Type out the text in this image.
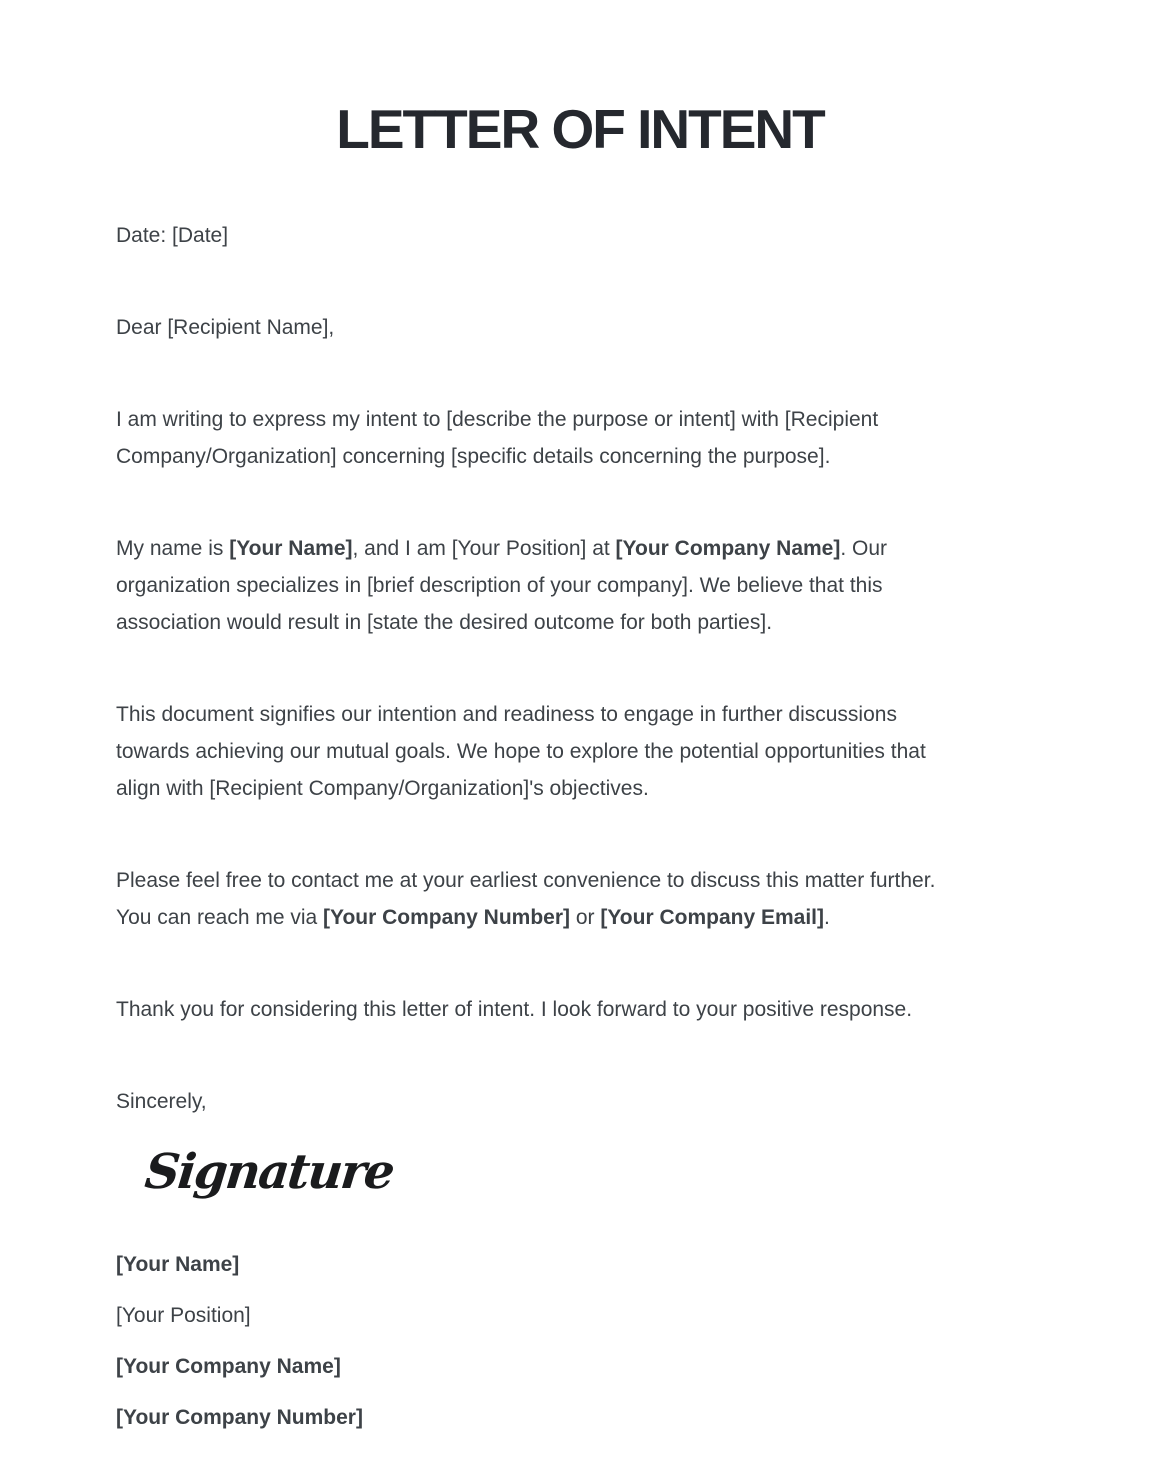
LETTER OF INTENT

Date: [Date]

Dear [Recipient Name],

I am writing to express my intent to [describe the purpose or intent] with [Recipient Company/Organization] concerning [specific details concerning the purpose].

My name is [Your Name], and I am [Your Position] at [Your Company Name]. Our organization specializes in [brief description of your company]. We believe that this association would result in [state the desired outcome for both parties].

This document signifies our intention and readiness to engage in further discussions towards achieving our mutual goals. We hope to explore the potential opportunities that align with [Recipient Company/Organization]'s objectives.

Please feel free to contact me at your earliest convenience to discuss this matter further. You can reach me via [Your Company Number] or [Your Company Email].

Thank you for considering this letter of intent. I look forward to your positive response.

Sincerely,

Signature

[Your Name]

[Your Position]

[Your Company Name]

[Your Company Number]
